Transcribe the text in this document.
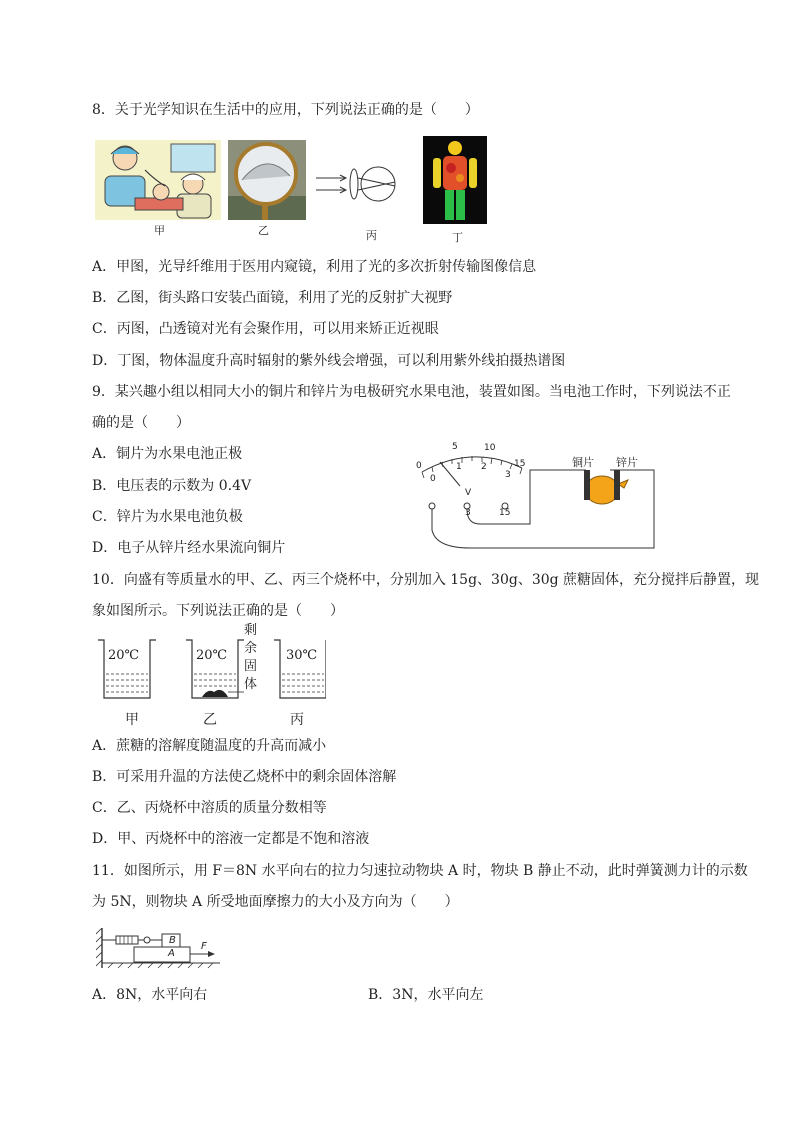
8．关于光学知识在生活中的应用，下列说法正确的是（　　）
甲	乙	丙	丁
A．甲图，光导纤维用于医用内窥镜，利用了光的多次折射传输图像信息
B．乙图，街头路口安装凸面镜，利用了光的反射扩大视野
C．丙图，凸透镜对光有会聚作用，可以用来矫正近视眼
D．丁图，物体温度升高时辐射的紫外线会增强，可以利用紫外线拍摄热谱图
9．某兴趣小组以相同大小的铜片和锌片为电极研究水果电池，装置如图。当电池工作时，下列说法不正
确的是（　　）
A．铜片为水果电池正极
B．电压表的示数为 0.4V
C．锌片为水果电池负极
D．电子从锌片经水果流向铜片
5	10
15
0
0
1 2
3
V
3	15
铜片 锌片
10．向盛有等质量水的甲、乙、丙三个烧杯中，分别加入 15g、30g、30g 蔗糖固体，充分搅拌后静置，现
象如图所示。下列说法正确的是（　　）
20℃	20℃	30℃
剩
余
固
体
甲	乙	丙
A．蔗糖的溶解度随温度的升高而减小
B．可采用升温的方法使乙烧杯中的剩余固体溶解
C．乙、丙烧杯中溶质的质量分数相等
D．甲、丙烧杯中的溶液一定都是不饱和溶液
11．如图所示，用 F＝8N 水平向右的拉力匀速拉动物块 A 时，物块 B 静止不动，此时弹簧测力计的示数
为 5N，则物块 A 所受地面摩擦力的大小及方向为（　　）
B
A
F
A．8N，水平向右	B．3N，水平向左
